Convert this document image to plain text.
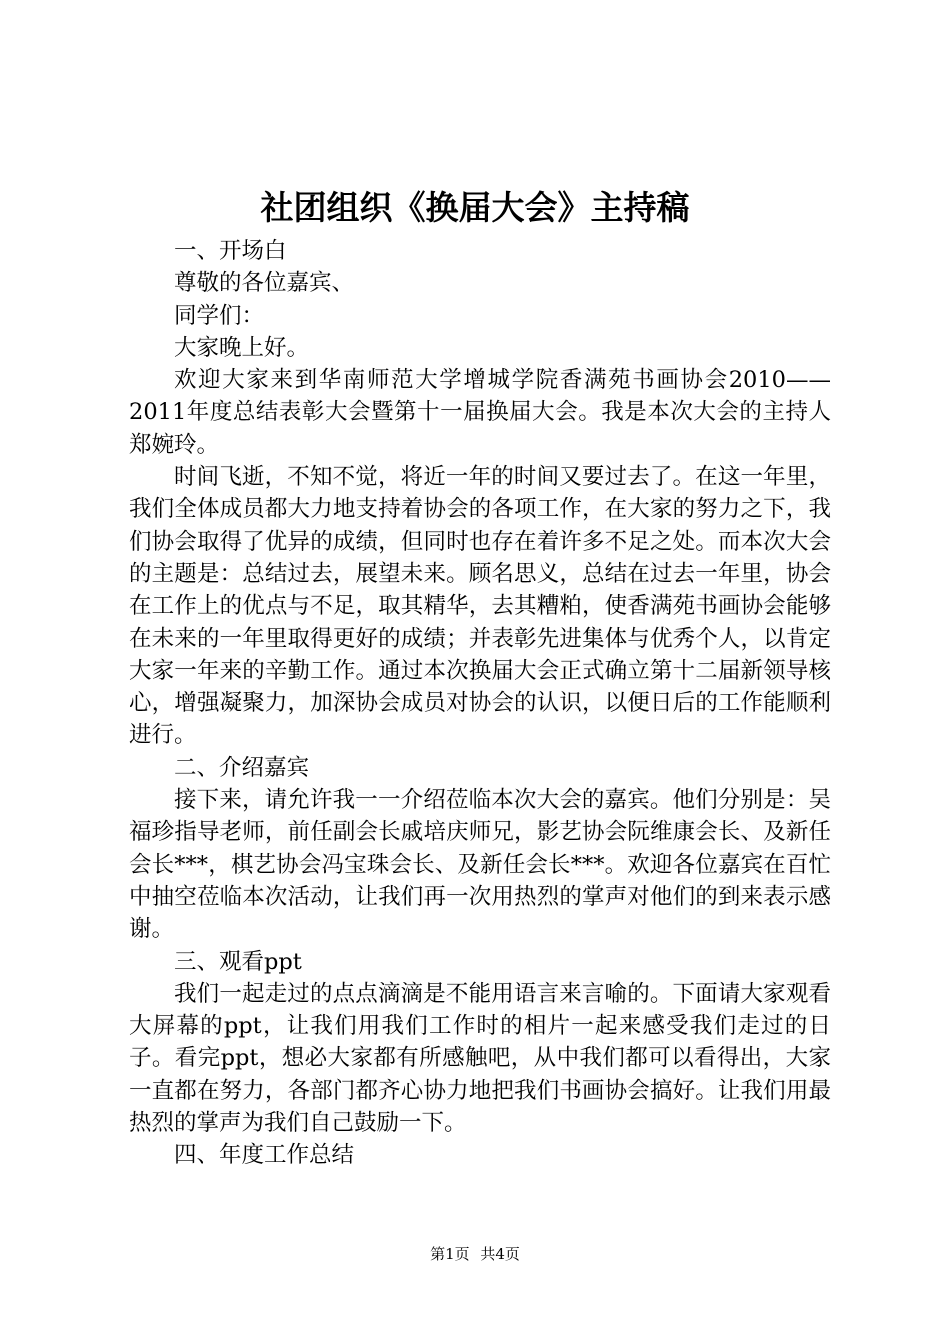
社团组织《换届大会》主持稿

一、开场白

尊敬的各位嘉宾、

同学们：

大家晚上好。

欢迎大家来到华南师范大学增城学院香满苑书画协会2010——2011年度总结表彰大会暨第十一届换届大会。我是本次大会的主持人郑婉玲。

时间飞逝，不知不觉，将近一年的时间又要过去了。在这一年里，我们全体成员都大力地支持着协会的各项工作，在大家的努力之下，我们协会取得了优异的成绩，但同时也存在着许多不足之处。而本次大会的主题是：总结过去，展望未来。顾名思义，总结在过去一年里，协会在工作上的优点与不足，取其精华，去其糟粕，使香满苑书画协会能够在未来的一年里取得更好的成绩；并表彰先进集体与优秀个人，以肯定大家一年来的辛勤工作。通过本次换届大会正式确立第十二届新领导核心，增强凝聚力，加深协会成员对协会的认识，以便日后的工作能顺利进行。

二、介绍嘉宾

接下来，请允许我一一介绍莅临本次大会的嘉宾。他们分别是：吴福珍指导老师，前任副会长戚培庆师兄，影艺协会阮维康会长、及新任会长***，棋艺协会冯宝珠会长、及新任会长***。欢迎各位嘉宾在百忙中抽空莅临本次活动，让我们再一次用热烈的掌声对他们的到来表示感谢。

三、观看ppt

我们一起走过的点点滴滴是不能用语言来言喻的。下面请大家观看大屏幕的ppt，让我们用我们工作时的相片一起来感受我们走过的日子。看完ppt，想必大家都有所感触吧，从中我们都可以看得出，大家一直都在努力，各部门都齐心协力地把我们书画协会搞好。让我们用最热烈的掌声为我们自己鼓励一下。

四、年度工作总结

第1页 共4页
